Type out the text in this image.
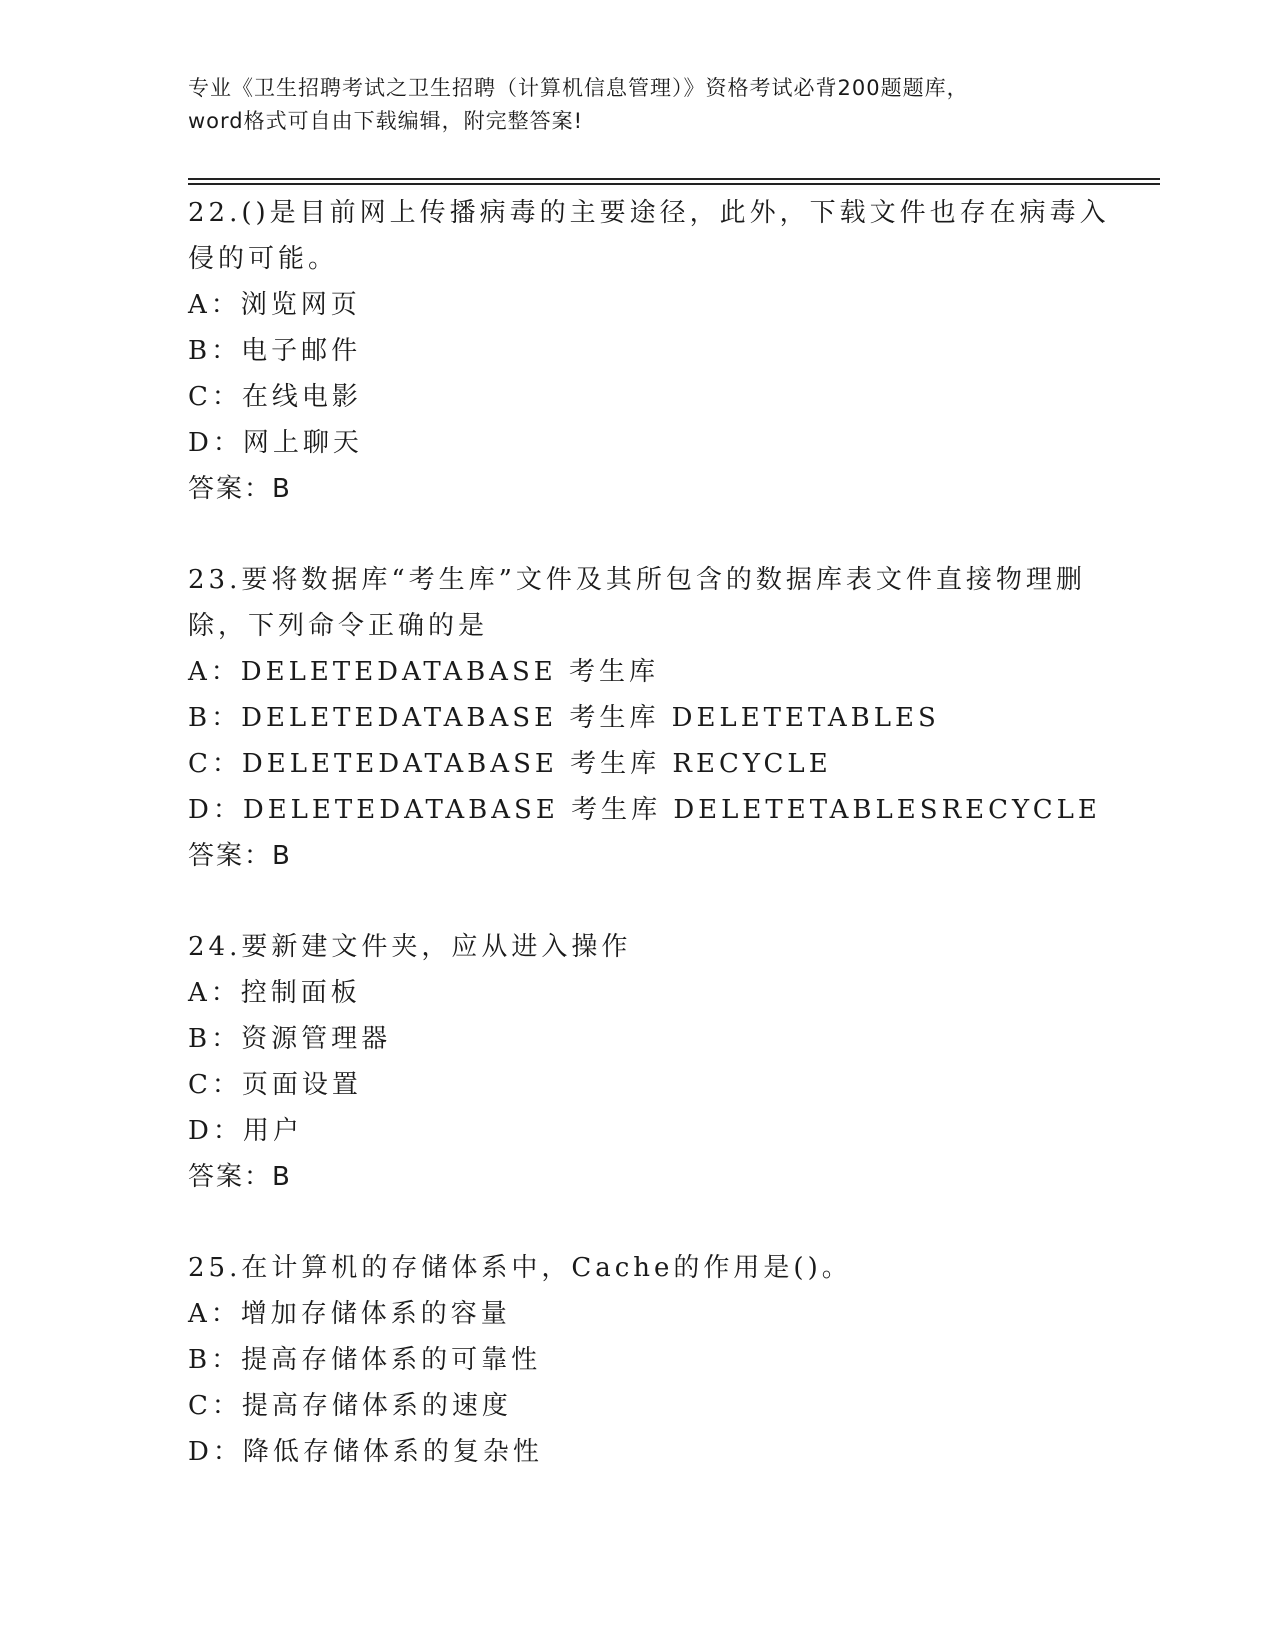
专业《卫生招聘考试之卫生招聘（计算机信息管理）》资格考试必背200题题库，
word格式可自由下载编辑，附完整答案!
22.()是目前网上传播病毒的主要途径，此外，下载文件也存在病毒入
侵的可能。
A：浏览网页
B：电子邮件
C：在线电影
D：网上聊天
答案：B
23.要将数据库“考生库”文件及其所包含的数据库表文件直接物理删
除，下列命令正确的是
A：DELETEDATABASE 考生库
B：DELETEDATABASE 考生库 DELETETABLES
C：DELETEDATABASE 考生库 RECYCLE
D：DELETEDATABASE 考生库 DELETETABLESRECYCLE
答案：B
24.要新建文件夹，应从进入操作
A：控制面板
B：资源管理器
C：页面设置
D：用户
答案：B
25.在计算机的存储体系中，Cache的作用是()。
A：增加存储体系的容量
B：提高存储体系的可靠性
C：提高存储体系的速度
D：降低存储体系的复杂性
